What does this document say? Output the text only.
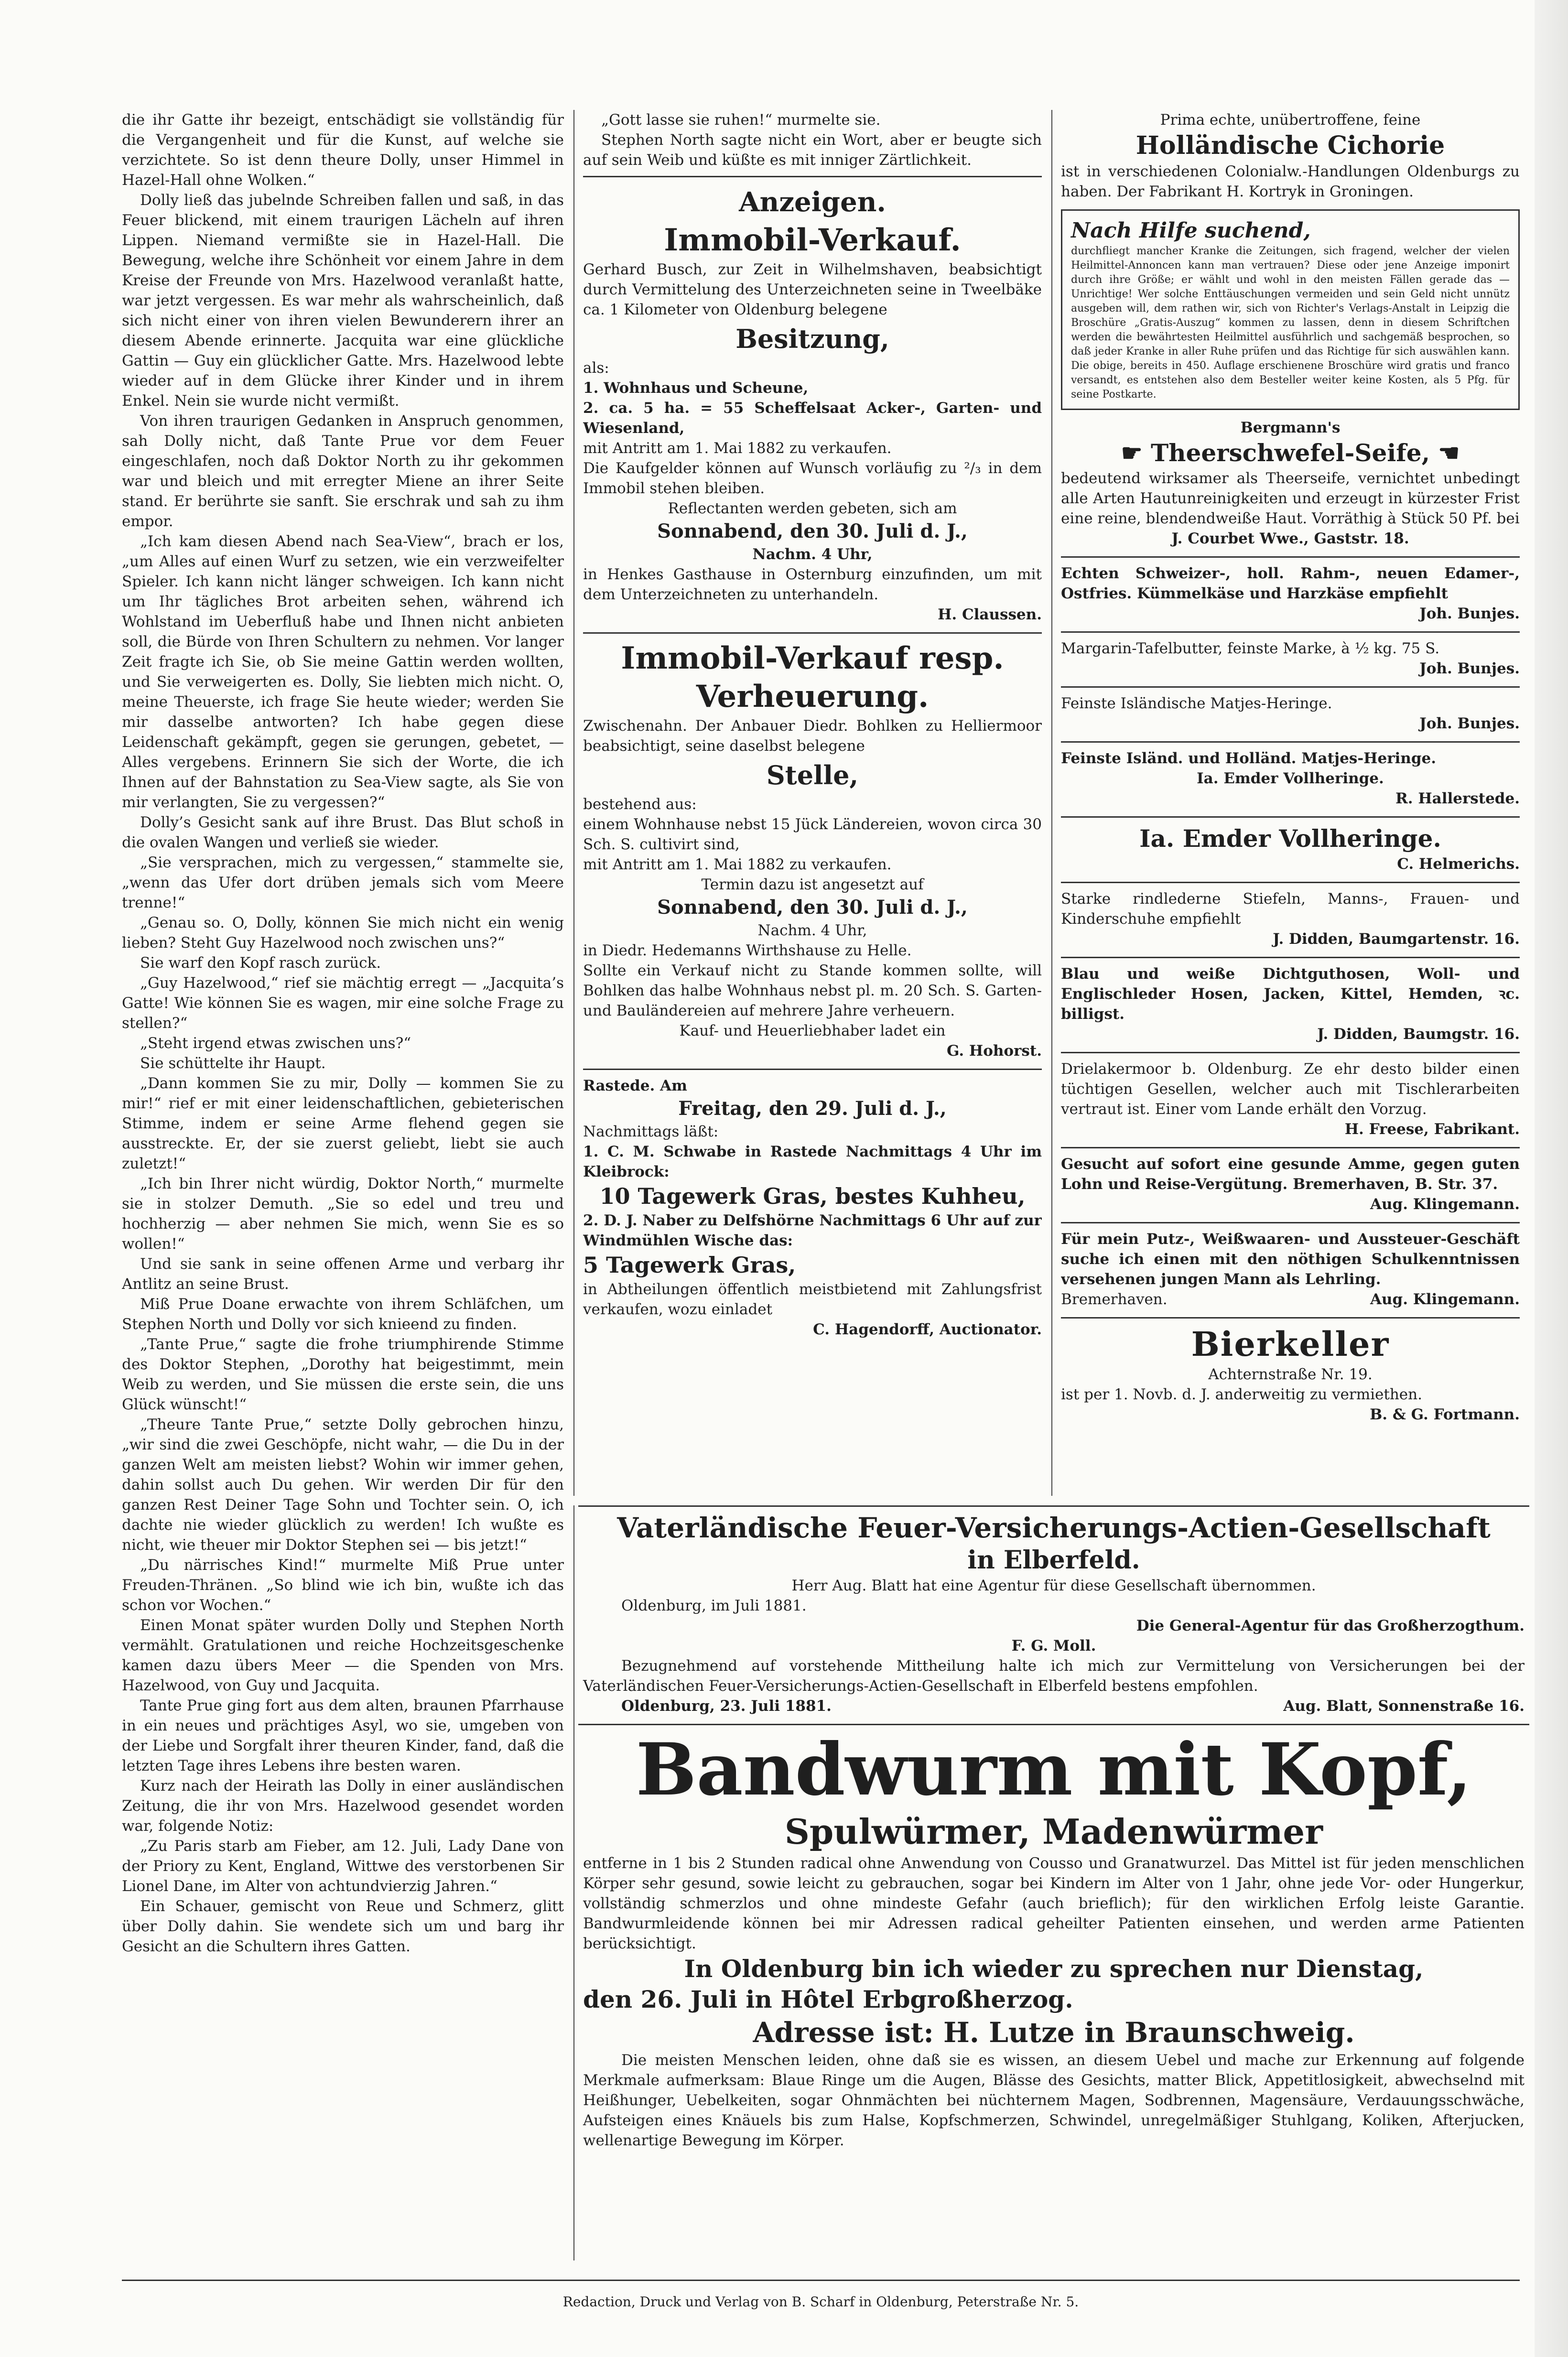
die ihr Gatte ihr bezeigt, entschädigt sie vollständig für die Vergangenheit und für die Kunst, auf welche sie verzichtete. So ist denn theure Dolly, unser Himmel in Hazel-Hall ohne Wolken.“

Dolly ließ das jubelnde Schreiben fallen und saß, in das Feuer blickend, mit einem traurigen Lächeln auf ihren Lippen. Niemand vermißte sie in Hazel-Hall. Die Bewegung, welche ihre Schönheit vor einem Jahre in dem Kreise der Freunde von Mrs. Hazelwood veranlaßt hatte, war jetzt vergessen. Es war mehr als wahrscheinlich, daß sich nicht einer von ihren vielen Bewunderern ihrer an diesem Abende erinnerte. Jacquita war eine glückliche Gattin — Guy ein glücklicher Gatte. Mrs. Hazelwood lebte wieder auf in dem Glücke ihrer Kinder und in ihrem Enkel. Nein sie wurde nicht vermißt.

Von ihren traurigen Gedanken in Anspruch genommen, sah Dolly nicht, daß Tante Prue vor dem Feuer eingeschlafen, noch daß Doktor North zu ihr gekommen war und bleich und mit erregter Miene an ihrer Seite stand. Er berührte sie sanft. Sie erschrak und sah zu ihm empor.

„Ich kam diesen Abend nach Sea-View“, brach er los, „um Alles auf einen Wurf zu setzen, wie ein verzweifelter Spieler. Ich kann nicht länger schweigen. Ich kann nicht um Ihr tägliches Brot arbeiten sehen, während ich Wohlstand im Ueberfluß habe und Ihnen nicht anbieten soll, die Bürde von Ihren Schultern zu nehmen. Vor langer Zeit fragte ich Sie, ob Sie meine Gattin werden wollten, und Sie verweigerten es. Dolly, Sie liebten mich nicht. O, meine Theuerste, ich frage Sie heute wieder; werden Sie mir dasselbe antworten? Ich habe gegen diese Leidenschaft gekämpft, gegen sie gerungen, gebetet, — Alles vergebens. Erinnern Sie sich der Worte, die ich Ihnen auf der Bahnstation zu Sea-View sagte, als Sie von mir verlangten, Sie zu vergessen?“

Dolly’s Gesicht sank auf ihre Brust. Das Blut schoß in die ovalen Wangen und verließ sie wieder.

„Sie versprachen, mich zu vergessen,“ stammelte sie, „wenn das Ufer dort drüben jemals sich vom Meere trenne!“

„Genau so. O, Dolly, können Sie mich nicht ein wenig lieben? Steht Guy Hazelwood noch zwischen uns?“

Sie warf den Kopf rasch zurück.

„Guy Hazelwood,“ rief sie mächtig erregt — „Jacquita’s Gatte! Wie können Sie es wagen, mir eine solche Frage zu stellen?“

„Steht irgend etwas zwischen uns?“

Sie schüttelte ihr Haupt.

„Dann kommen Sie zu mir, Dolly — kommen Sie zu mir!“ rief er mit einer leidenschaftlichen, gebieterischen Stimme, indem er seine Arme flehend gegen sie ausstreckte. Er, der sie zuerst geliebt, liebt sie auch zuletzt!“

„Ich bin Ihrer nicht würdig, Doktor North,“ murmelte sie in stolzer Demuth. „Sie so edel und treu und hochherzig — aber nehmen Sie mich, wenn Sie es so wollen!“

Und sie sank in seine offenen Arme und verbarg ihr Antlitz an seine Brust.

Miß Prue Doane erwachte von ihrem Schläfchen, um Stephen North und Dolly vor sich knieend zu finden.

„Tante Prue,“ sagte die frohe triumphirende Stimme des Doktor Stephen, „Dorothy hat beigestimmt, mein Weib zu werden, und Sie müssen die erste sein, die uns Glück wünscht!“

„Theure Tante Prue,“ setzte Dolly gebrochen hinzu, „wir sind die zwei Geschöpfe, nicht wahr, — die Du in der ganzen Welt am meisten liebst? Wohin wir immer gehen, dahin sollst auch Du gehen. Wir werden Dir für den ganzen Rest Deiner Tage Sohn und Tochter sein. O, ich dachte nie wieder glücklich zu werden! Ich wußte es nicht, wie theuer mir Doktor Stephen sei — bis jetzt!“

„Du närrisches Kind!“ murmelte Miß Prue unter Freuden-Thränen. „So blind wie ich bin, wußte ich das schon vor Wochen.“

Einen Monat später wurden Dolly und Stephen North vermählt. Gratulationen und reiche Hochzeitsgeschenke kamen dazu übers Meer — die Spenden von Mrs. Hazelwood, von Guy und Jacquita.

Tante Prue ging fort aus dem alten, braunen Pfarrhause in ein neues und prächtiges Asyl, wo sie, umgeben von der Liebe und Sorgfalt ihrer theuren Kinder, fand, daß die letzten Tage ihres Lebens ihre besten waren.

Kurz nach der Heirath las Dolly in einer ausländischen Zeitung, die ihr von Mrs. Hazelwood gesendet worden war, folgende Notiz:

„Zu Paris starb am Fieber, am 12. Juli, Lady Dane von der Priory zu Kent, England, Wittwe des verstorbenen Sir Lionel Dane, im Alter von achtundvierzig Jahren.“

Ein Schauer, gemischt von Reue und Schmerz, glitt über Dolly dahin. Sie wendete sich um und barg ihr Gesicht an die Schultern ihres Gatten.

„Gott lasse sie ruhen!“ murmelte sie.

Stephen North sagte nicht ein Wort, aber er beugte sich auf sein Weib und küßte es mit inniger Zärtlichkeit.

Anzeigen.
Immobil-Verkauf.

Gerhard Busch, zur Zeit in Wilhelmshaven, beabsichtigt durch Vermittelung des Unterzeichneten seine in Tweelbäke ca. 1 Kilometer von Oldenburg belegene

Besitzung,

als:

1. Wohnhaus und Scheune,

2. ca. 5 ha. = 55 Scheffelsaat Acker-, Garten- und Wiesenland,

mit Antritt am 1. Mai 1882 zu verkaufen.

Die Kaufgelder können auf Wunsch vorläufig zu ²/₃ in dem Immobil stehen bleiben.

Reflectanten werden gebeten, sich am

Sonnabend, den 30. Juli d. J.,

Nachm. 4 Uhr,

in Henkes Gasthause in Osternburg einzufinden, um mit dem Unterzeichneten zu unterhandeln.

H. Claussen.

Immobil-Verkauf resp. Verheuerung.

Zwischenahn. Der Anbauer Diedr. Bohlken zu Helliermoor beabsichtigt, seine daselbst belegene

Stelle,

bestehend aus:

einem Wohnhause nebst 15 Jück Ländereien, wovon circa 30 Sch. S. cultivirt sind,

mit Antritt am 1. Mai 1882 zu verkaufen.

Termin dazu ist angesetzt auf

Sonnabend, den 30. Juli d. J.,

Nachm. 4 Uhr,

in Diedr. Hedemanns Wirthshause zu Helle.

Sollte ein Verkauf nicht zu Stande kommen sollte, will Bohlken das halbe Wohnhaus nebst pl. m. 20 Sch. S. Garten- und Bauländereien auf mehrere Jahre verheuern.

Kauf- und Heuerliebhaber ladet ein

G. Hohorst.

Rastede. Am

Freitag, den 29. Juli d. J.,

Nachmittags läßt:

1. C. M. Schwabe in Rastede Nachmittags 4 Uhr im Kleibrock:

10 Tagewerk Gras, bestes Kuhheu,

2. D. J. Naber zu Delfshörne Nachmittags 6 Uhr auf zur Windmühlen Wische das:

5 Tagewerk Gras,

in Abtheilungen öffentlich meistbietend mit Zahlungsfrist verkaufen, wozu einladet

C. Hagendorff, Auctionator.

Prima echte, unübertroffene, feine

Holländische Cichorie

ist in verschiedenen Colonialw.-Handlungen Oldenburgs zu haben. Der Fabrikant H. Kortryk in Groningen.

Nach Hilfe suchend,

durchfliegt mancher Kranke die Zeitungen, sich fragend, welcher der vielen Heilmittel-Annoncen kann man vertrauen? Diese oder jene Anzeige imponirt durch ihre Größe; er wählt und wohl in den meisten Fällen gerade das — Unrichtige! Wer solche Enttäuschungen vermeiden und sein Geld nicht unnütz ausgeben will, dem rathen wir, sich von Richter's Verlags-Anstalt in Leipzig die Broschüre „Gratis-Auszug“ kommen zu lassen, denn in diesem Schriftchen werden die bewährtesten Heilmittel ausführlich und sachgemäß besprochen, so daß jeder Kranke in aller Ruhe prüfen und das Richtige für sich auswählen kann. Die obige, bereits in 450. Auflage erschienene Broschüre wird gratis und franco versandt, es entstehen also dem Besteller weiter keine Kosten, als 5 Pfg. für seine Postkarte.

Bergmann's

☛ Theerschwefel-Seife, ☚

bedeutend wirksamer als Theerseife, vernichtet unbedingt alle Arten Hautunreinigkeiten und erzeugt in kürzester Frist eine reine, blendendweiße Haut. Vorräthig à Stück 50 Pf. bei

J. Courbet Wwe., Gaststr. 18.

Echten Schweizer-, holl. Rahm-, neuen Edamer-, Ostfries. Kümmelkäse und Harzkäse empfiehlt

Joh. Bunjes.

Margarin-Tafelbutter, feinste Marke, à ½ kg. 75 S.

Joh. Bunjes.

Feinste Isländische Matjes-Heringe.

Joh. Bunjes.

Feinste Isländ. und Holländ. Matjes-Heringe.

Ia. Emder Vollheringe.

R. Hallerstede.

Ia. Emder Vollheringe.

C. Helmerichs.

Starke rindlederne Stiefeln, Manns-, Frauen- und Kinderschuhe empfiehlt

J. Didden, Baumgartenstr. 16.

Blau und weiße Dichtguthosen, Woll- und Englischleder Hosen, Jacken, Kittel, Hemden, ꝛc. billigst.

J. Didden, Baumgstr. 16.

Drielakermoor b. Oldenburg. Ze ehr desto bilder einen tüchtigen Gesellen, welcher auch mit Tischlerarbeiten vertraut ist. Einer vom Lande erhält den Vorzug.

H. Freese, Fabrikant.

Gesucht auf sofort eine gesunde Amme, gegen guten Lohn und Reise-Vergütung. Bremerhaven, B. Str. 37.

Aug. Klingemann.

Für mein Putz-, Weißwaaren- und Aussteuer-Geschäft suche ich einen mit den nöthigen Schulkenntnissen versehenen jungen Mann als Lehrling.

Bremerhaven.	Aug. Klingemann.

Bierkeller

Achternstraße Nr. 19.

ist per 1. Novb. d. J. anderweitig zu vermiethen.

B. & G. Fortmann.

Vaterländische Feuer-Versicherungs-Actien-Gesellschaft
in Elberfeld.

Herr Aug. Blatt hat eine Agentur für diese Gesellschaft übernommen.

Oldenburg, im Juli 1881.

Die General-Agentur für das Großherzogthum.

F. G. Moll.

Bezugnehmend auf vorstehende Mittheilung halte ich mich zur Vermittelung von Versicherungen bei der Vaterländischen Feuer-Versicherungs-Actien-Gesellschaft in Elberfeld bestens empfohlen.

Oldenburg, 23. Juli 1881.	Aug. Blatt, Sonnenstraße 16.

Bandwurm mit Kopf,
Spulwürmer, Madenwürmer

entferne in 1 bis 2 Stunden radical ohne Anwendung von Cousso und Granatwurzel. Das Mittel ist für jeden menschlichen Körper sehr gesund, sowie leicht zu gebrauchen, sogar bei Kindern im Alter von 1 Jahr, ohne jede Vor- oder Hungerkur, vollständig schmerzlos und ohne mindeste Gefahr (auch brieflich); für den wirklichen Erfolg leiste Garantie. Bandwurmleidende können bei mir Adressen radical geheilter Patienten einsehen, und werden arme Patienten berücksichtigt.

In Oldenburg bin ich wieder zu sprechen nur Dienstag,

den 26. Juli in Hôtel Erbgroßherzog.

Adresse ist: H. Lutze in Braunschweig.

Die meisten Menschen leiden, ohne daß sie es wissen, an diesem Uebel und mache zur Erkennung auf folgende Merkmale aufmerksam: Blaue Ringe um die Augen, Blässe des Gesichts, matter Blick, Appetitlosigkeit, abwechselnd mit Heißhunger, Uebelkeiten, sogar Ohnmächten bei nüchternem Magen, Sodbrennen, Magensäure, Verdauungsschwäche, Aufsteigen eines Knäuels bis zum Halse, Kopfschmerzen, Schwindel, unregelmäßiger Stuhlgang, Koliken, Afterjucken, wellenartige Bewegung im Körper.

Redaction, Druck und Verlag von B. Scharf in Oldenburg, Peterstraße Nr. 5.
